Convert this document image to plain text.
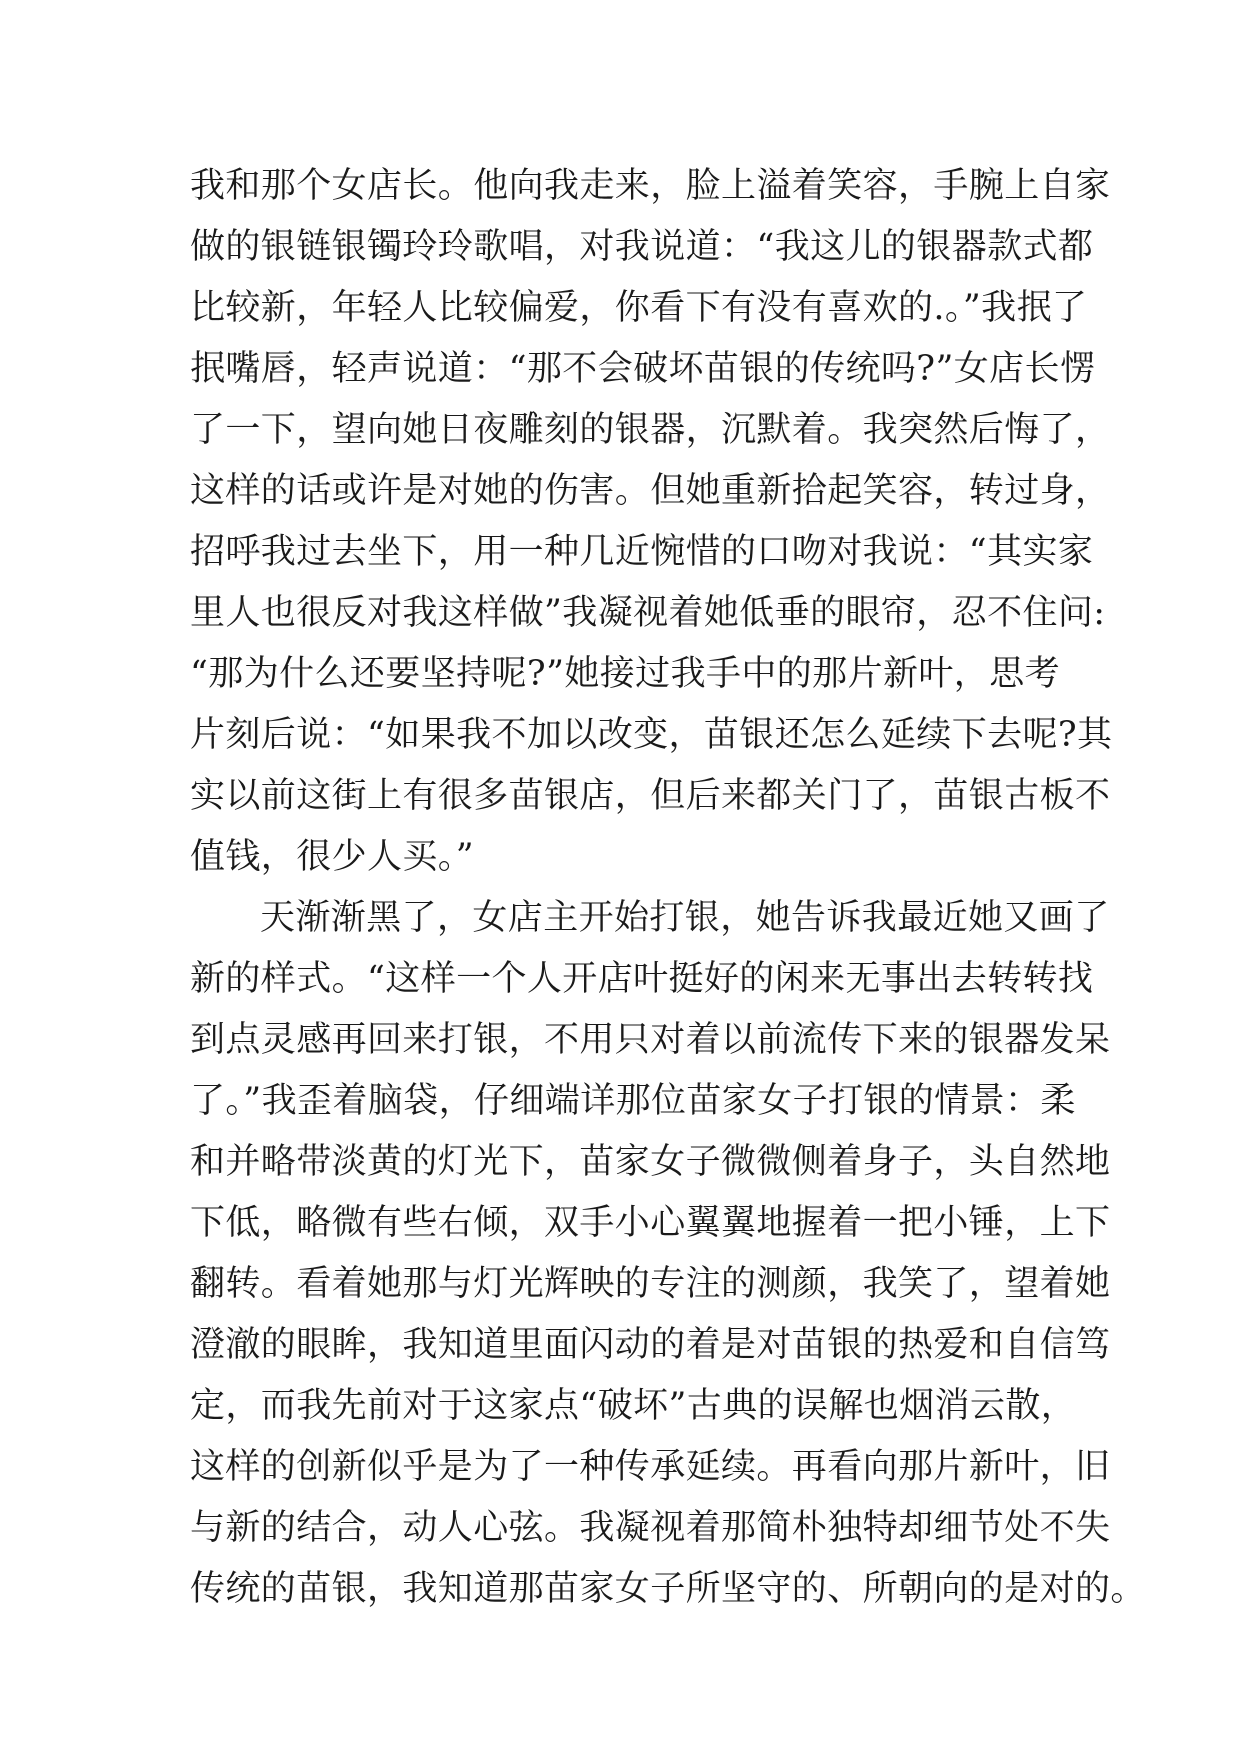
我和那个女店长。他向我走来，脸上溢着笑容，手腕上自家
做的银链银镯玲玲歌唱，对我说道：“我这儿的银器款式都
比较新，年轻人比较偏爱，你看下有没有喜欢的.。”我抿了
抿嘴唇，轻声说道：“那不会破坏苗银的传统吗?”女店长愣
了一下，望向她日夜雕刻的银器，沉默着。我突然后悔了，
这样的话或许是对她的伤害。但她重新拾起笑容，转过身，
招呼我过去坐下，用一种几近惋惜的口吻对我说：“其实家
里人也很反对我这样做”我凝视着她低垂的眼帘，忍不住问:
“那为什么还要坚持呢?”她接过我手中的那片新叶，思考
片刻后说：“如果我不加以改变，苗银还怎么延续下去呢?其
实以前这街上有很多苗银店，但后来都关门了，苗银古板不
值钱，很少人买。”
天渐渐黑了，女店主开始打银，她告诉我最近她又画了
新的样式。“这样一个人开店叶挺好的闲来无事出去转转找
到点灵感再回来打银，不用只对着以前流传下来的银器发呆
了。”我歪着脑袋，仔细端详那位苗家女子打银的情景：柔
和并略带淡黄的灯光下，苗家女子微微侧着身子，头自然地
下低，略微有些右倾，双手小心翼翼地握着一把小锤，上下
翻转。看着她那与灯光辉映的专注的测颜，我笑了，望着她
澄澈的眼眸，我知道里面闪动的着是对苗银的热爱和自信笃
定，而我先前对于这家点“破坏”古典的误解也烟消云散，
这样的创新似乎是为了一种传承延续。再看向那片新叶，旧
与新的结合，动人心弦。我凝视着那简朴独特却细节处不失
传统的苗银，我知道那苗家女子所坚守的、所朝向的是对的。
